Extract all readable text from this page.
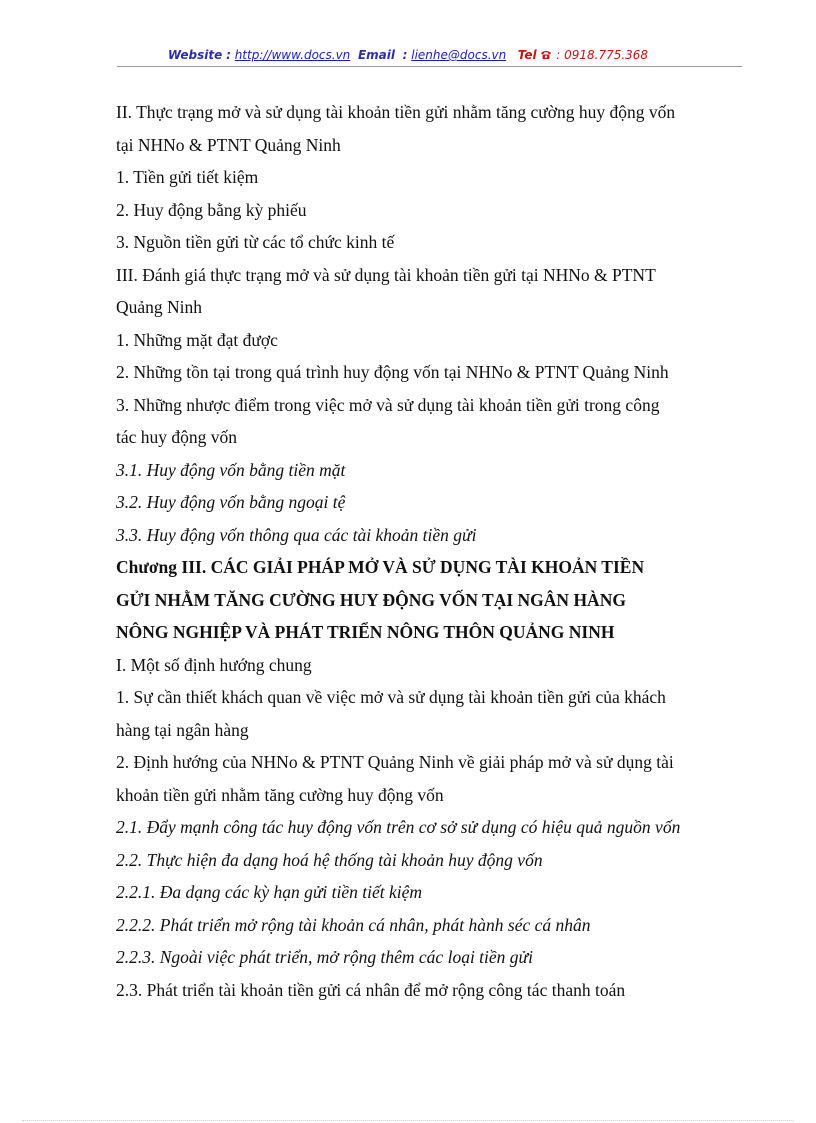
Website : http://www.docs.vn Email : lienhe@docs.vn Tel : 0918.775.368
II. Thực trạng mở và sử dụng tài khoản tiền gửi nhằm tăng cường huy động vốn
tại NHNo & PTNT Quảng Ninh
1. Tiền gửi tiết kiệm
2. Huy động bằng kỳ phiếu
3. Nguồn tiền gửi từ các tổ chức kinh tế
III. Đánh giá thực trạng mở và sử dụng tài khoản tiền gửi tại NHNo & PTNT
Quảng Ninh
1. Những mặt đạt được
2. Những tồn tại trong quá trình huy động vốn tại NHNo & PTNT Quảng Ninh
3. Những nhược điểm trong việc mở và sử dụng tài khoản tiền gửi trong công
tác huy động vốn
3.1. Huy động vốn bằng tiền mặt
3.2. Huy động vốn bằng ngoại tệ
3.3. Huy động vốn thông qua các tài khoản tiền gửi
Chương III. CÁC GIẢI PHÁP MỞ VÀ SỬ DỤNG TÀI KHOẢN TIỀN
GỬI NHẰM TĂNG CƯỜNG HUY ĐỘNG VỐN TẠI NGÂN HÀNG
NÔNG NGHIỆP VÀ PHÁT TRIỂN NÔNG THÔN QUẢNG NINH
I. Một số định hướng chung
1. Sự cần thiết khách quan về việc mở và sử dụng tài khoản tiền gửi của khách
hàng tại ngân hàng
2. Định hướng của NHNo & PTNT Quảng Ninh về giải pháp mở và sử dụng tài
khoản tiền gửi nhằm tăng cường huy động vốn
2.1. Đẩy mạnh công tác huy động vốn trên cơ sở sử dụng có hiệu quả nguồn vốn
2.2. Thực hiện đa dạng hoá hệ thống tài khoản huy động vốn
2.2.1. Đa dạng các kỳ hạn gửi tiền tiết kiệm
2.2.2. Phát triển mở rộng tài khoản cá nhân, phát hành séc cá nhân
2.2.3. Ngoài việc phát triển, mở rộng thêm các loại tiền gửi
2.3. Phát triển tài khoản tiền gửi cá nhân để mở rộng công tác thanh toán
